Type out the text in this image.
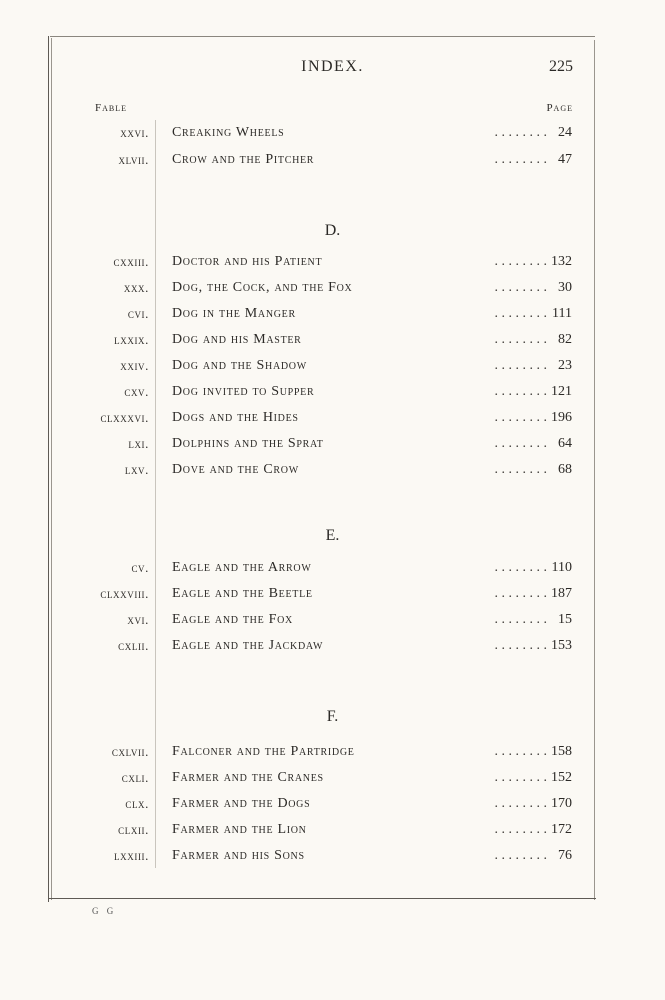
INDEX.	225
Fable	Page
xxvi. Creaking Wheels	. . . . . . . . 24
xlvii. Crow and the Pitcher	. . . . . . . . 47
D.
cxxiii. Doctor and his Patient	. . . . . . . . 132
xxx. Dog, the Cock, and the Fox	. . . . . . . . 30
cvi. Dog in the Manger	. . . . . . . . 111
lxxix. Dog and his Master	. . . . . . . . 82
xxiv. Dog and the Shadow	. . . . . . . . 23
cxv. Dog invited to Supper	. . . . . . . . 121
clxxxvi. Dogs and the Hides	. . . . . . . . 196
lxi. Dolphins and the Sprat	. . . . . . . . 64
lxv. Dove and the Crow	. . . . . . . . 68
E.
cv. Eagle and the Arrow	. . . . . . . . 110
clxxviii. Eagle and the Beetle	. . . . . . . . 187
xvi. Eagle and the Fox	. . . . . . . . 15
cxlii. Eagle and the Jackdaw	. . . . . . . . 153
F.
cxlvii. Falconer and the Partridge	. . . . . . . . 158
cxli. Farmer and the Cranes	. . . . . . . . 152
clx. Farmer and the Dogs	. . . . . . . . 170
clxii. Farmer and the Lion	. . . . . . . . 172
lxxiii. Farmer and his Sons	. . . . . . . . 76
G G
